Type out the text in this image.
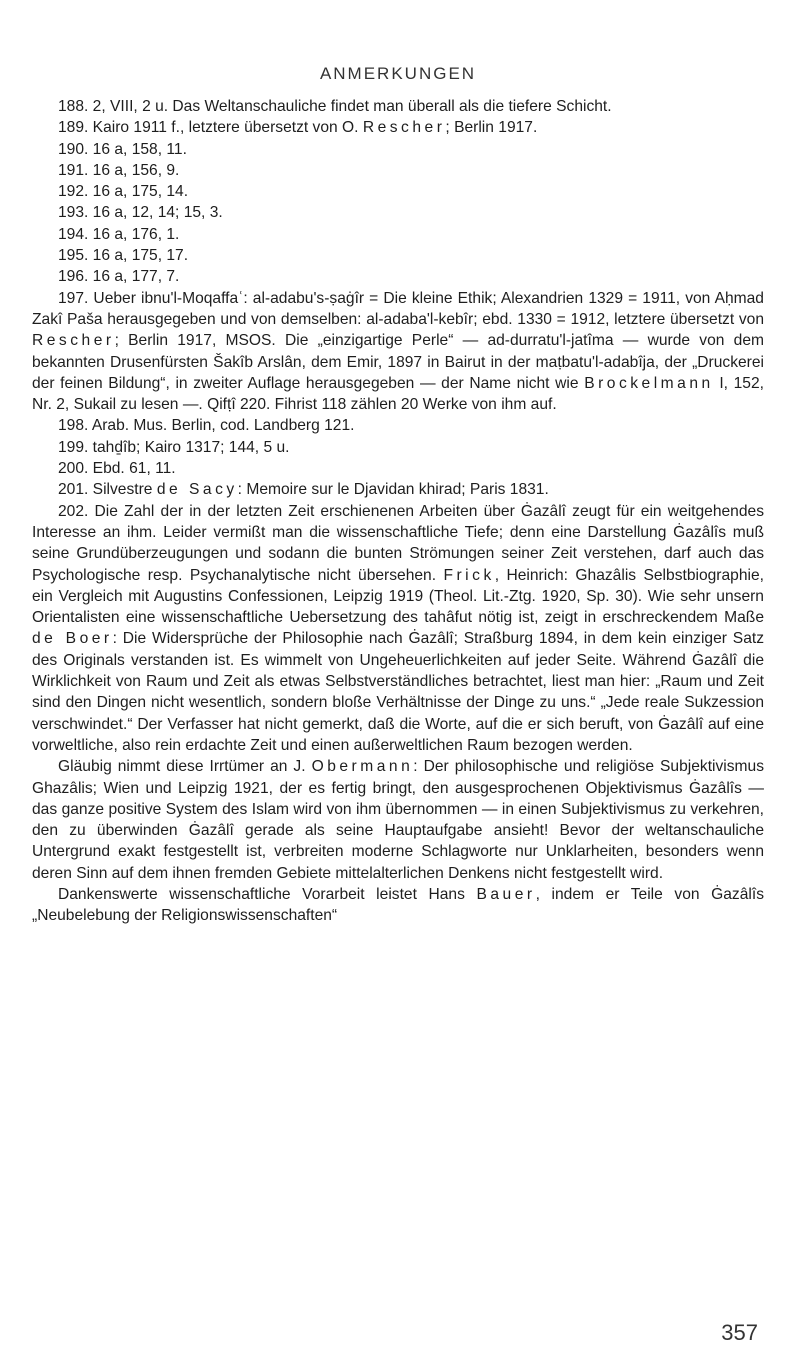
ANMERKUNGEN

188. 2, VIII, 2 u. Das Weltanschauliche findet man überall als die tiefere Schicht.

189. Kairo 1911 f., letztere übersetzt von O. Rescher; Berlin 1917.

190. 16 a, 158, 11.

191. 16 a, 156, 9.

192. 16 a, 175, 14.

193. 16 a, 12, 14; 15, 3.

194. 16 a, 176, 1.

195. 16 a, 175, 17.

196. 16 a, 177, 7.

197. Ueber ibnu'l-Moqaffaʿ: al-adabu's-ṣaġîr = Die kleine Ethik; Alexandrien 1329 = 1911, von Aḥmad Zakî Paša herausgegeben und von demselben: al-adaba'l-kebîr; ebd. 1330 = 1912, letztere übersetzt von Rescher; Berlin 1917, MSOS. Die „einzigartige Perle“ — ad-durratu'l-jatîma — wurde von dem bekannten Drusenfürsten Šakîb Arslân, dem Emir, 1897 in Bairut in der maṭbatu'l-adabîja, der „Druckerei der feinen Bildung“, in zweiter Auflage herausgegeben — der Name nicht wie Brockelmann I, 152, Nr. 2, Sukail zu lesen —. Qifṭî 220. Fihrist 118 zählen 20 Werke von ihm auf.

198. Arab. Mus. Berlin, cod. Landberg 121.

199. tahḏîb; Kairo 1317; 144, 5 u.

200. Ebd. 61, 11.

201. Silvestre de Sacy: Memoire sur le Djavidan khirad; Paris 1831.

202. Die Zahl der in der letzten Zeit erschienenen Arbeiten über Ġazâlî zeugt für ein weitgehendes Interesse an ihm. Leider vermißt man die wissenschaftliche Tiefe; denn eine Darstellung Ġazâlîs muß seine Grundüberzeugungen und sodann die bunten Strömungen seiner Zeit verstehen, darf auch das Psychologische resp. Psychanalytische nicht übersehen. Frick, Heinrich: Ghazâlis Selbstbiographie, ein Vergleich mit Augustins Confessionen, Leipzig 1919 (Theol. Lit.-Ztg. 1920, Sp. 30). Wie sehr unsern Orientalisten eine wissenschaftliche Uebersetzung des tahâfut nötig ist, zeigt in erschreckendem Maße de Boer: Die Widersprüche der Philosophie nach Ġazâlî; Straßburg 1894, in dem kein einziger Satz des Originals verstanden ist. Es wimmelt von Ungeheuerlichkeiten auf jeder Seite. Während Ġazâlî die Wirklichkeit von Raum und Zeit als etwas Selbstverständliches betrachtet, liest man hier: „Raum und Zeit sind den Dingen nicht wesentlich, sondern bloße Verhältnisse der Dinge zu uns.“ „Jede reale Sukzession verschwindet.“ Der Verfasser hat nicht gemerkt, daß die Worte, auf die er sich beruft, von Ġazâlî auf eine vorweltliche, also rein erdachte Zeit und einen außerweltlichen Raum bezogen werden.

Gläubig nimmt diese Irrtümer an J. Obermann: Der philosophische und religiöse Subjektivismus Ghazâlis; Wien und Leipzig 1921, der es fertig bringt, den ausgesprochenen Objektivismus Ġazâlîs — das ganze positive System des Islam wird von ihm übernommen — in einen Subjektivismus zu verkehren, den zu überwinden Ġazâlî gerade als seine Hauptaufgabe ansieht! Bevor der weltanschauliche Untergrund exakt festgestellt ist, verbreiten moderne Schlagworte nur Unklarheiten, besonders wenn deren Sinn auf dem ihnen fremden Gebiete mittelalterlichen Denkens nicht festgestellt wird.

Dankenswerte wissenschaftliche Vorarbeit leistet Hans Bauer, indem er Teile von Ġazâlîs „Neubelebung der Religionswissenschaften“

357
